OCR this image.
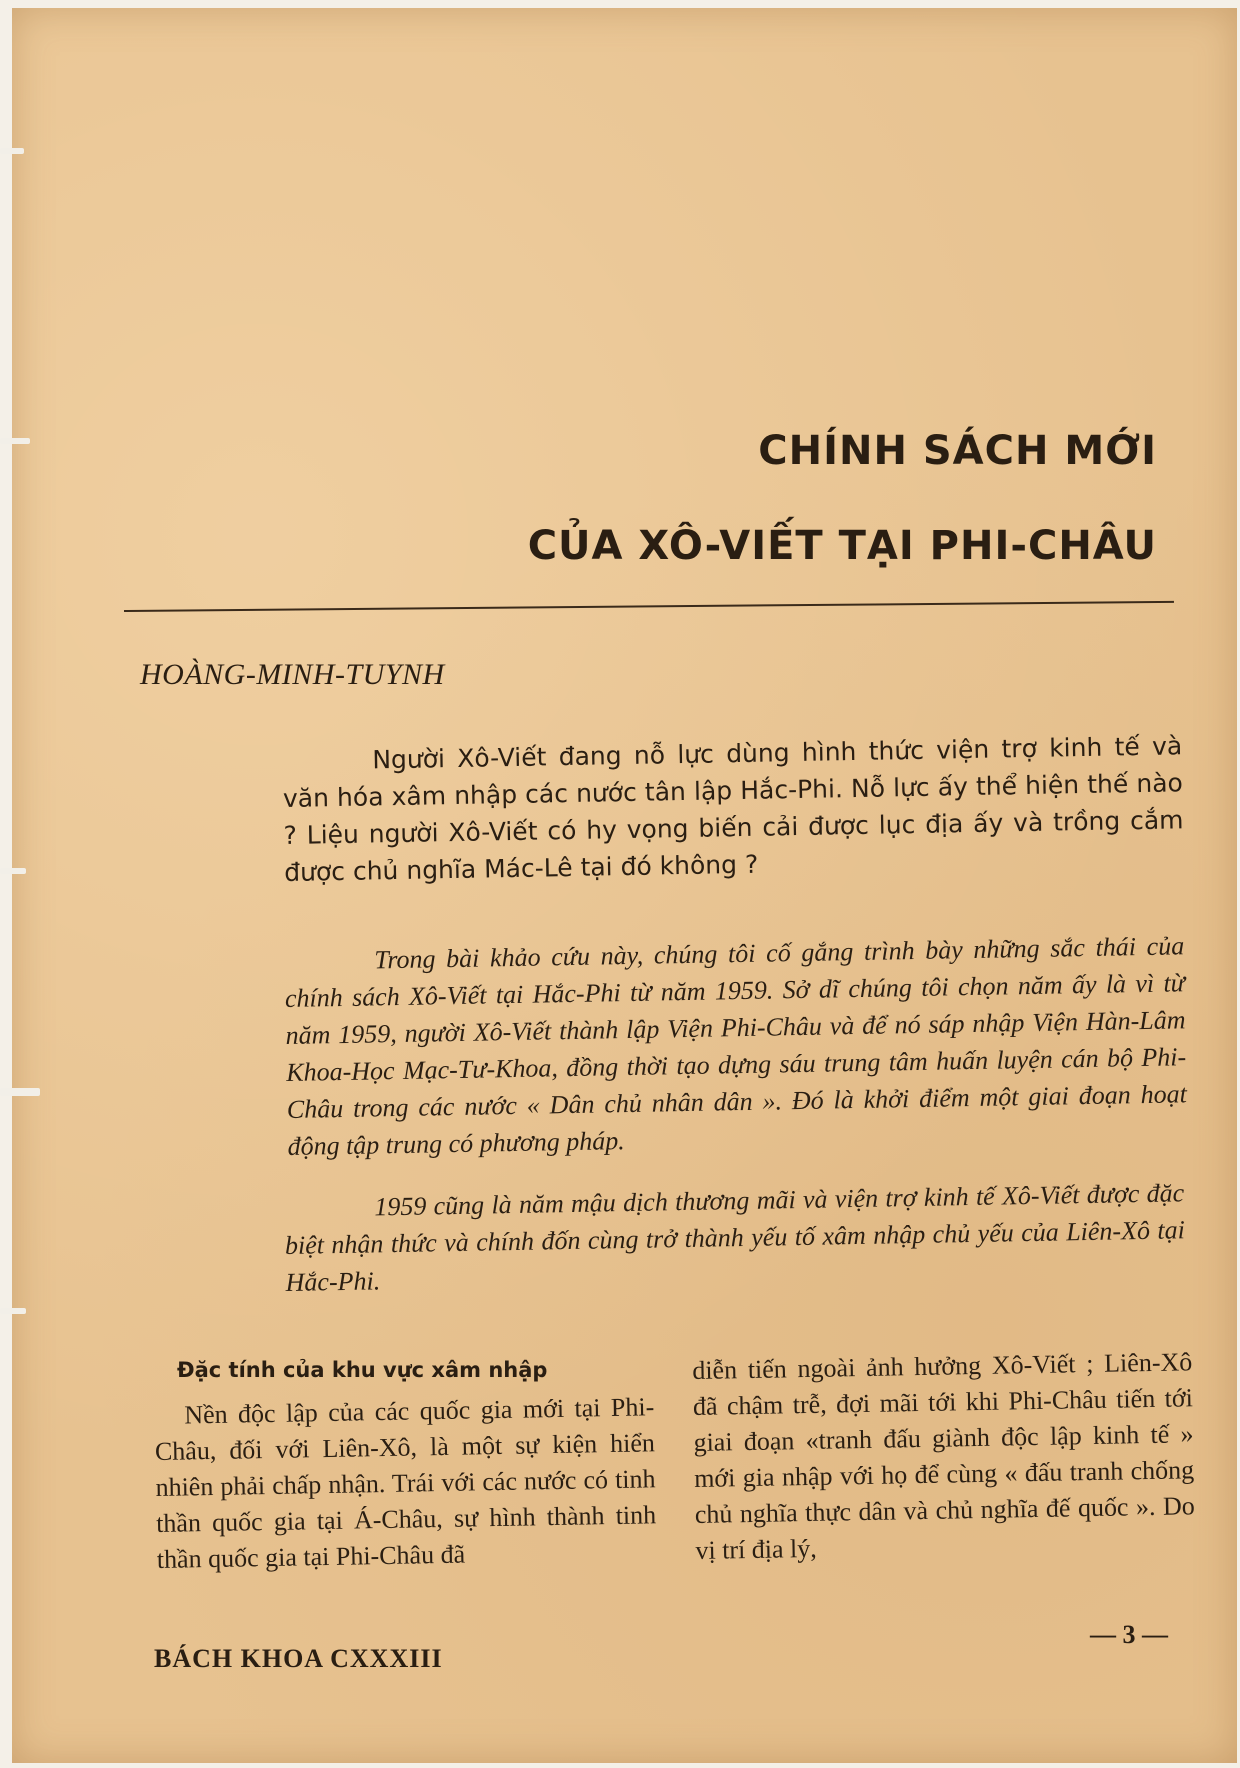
CHÍNH SÁCH MỚI
CỦA XÔ-VIẾT TẠI PHI-CHÂU
HOÀNG-MINH-TUYNH

Người Xô-Viết đang nỗ lực dùng hình thức viện trợ kinh tế và văn hóa xâm nhập các nước tân lập Hắc-Phi. Nỗ lực ấy thể hiện thế nào ? Liệu người Xô-Viết có hy vọng biến cải được lục địa ấy và trồng cắm được chủ nghĩa Mác-Lê tại đó không ?

Trong bài khảo cứu này, chúng tôi cố gắng trình bày những sắc thái của chính sách Xô-Viết tại Hắc-Phi từ năm 1959. Sở dĩ chúng tôi chọn năm ấy là vì từ năm 1959, người Xô-Viết thành lập Viện Phi-Châu và để nó sáp nhập Viện Hàn-Lâm Khoa-Học Mạc-Tư-Khoa, đồng thời tạo dựng sáu trung tâm huấn luyện cán bộ Phi-Châu trong các nước « Dân chủ nhân dân ». Đó là khởi điểm một giai đoạn hoạt động tập trung có phương pháp.

1959 cũng là năm mậu dịch thương mãi và viện trợ kinh tế Xô-Viết được đặc biệt nhận thức và chính đốn cùng trở thành yếu tố xâm nhập chủ yếu của Liên-Xô tại Hắc-Phi.

Đặc tính của khu vực xâm nhập

Nền độc lập của các quốc gia mới tại Phi-Châu, đối với Liên-Xô, là một sự kiện hiển nhiên phải chấp nhận. Trái với các nước có tinh thần quốc gia tại Á-Châu, sự hình thành tinh thần quốc gia tại Phi-Châu đã

diễn tiến ngoài ảnh hưởng Xô-Viết ; Liên-Xô đã chậm trễ, đợi mãi tới khi Phi-Châu tiến tới giai đoạn «tranh đấu giành độc lập kinh tế » mới gia nhập với họ để cùng « đấu tranh chống chủ nghĩa thực dân và chủ nghĩa đế quốc ». Do vị trí địa lý,

BÁCH KHOA CXXXIII
— 3 —
